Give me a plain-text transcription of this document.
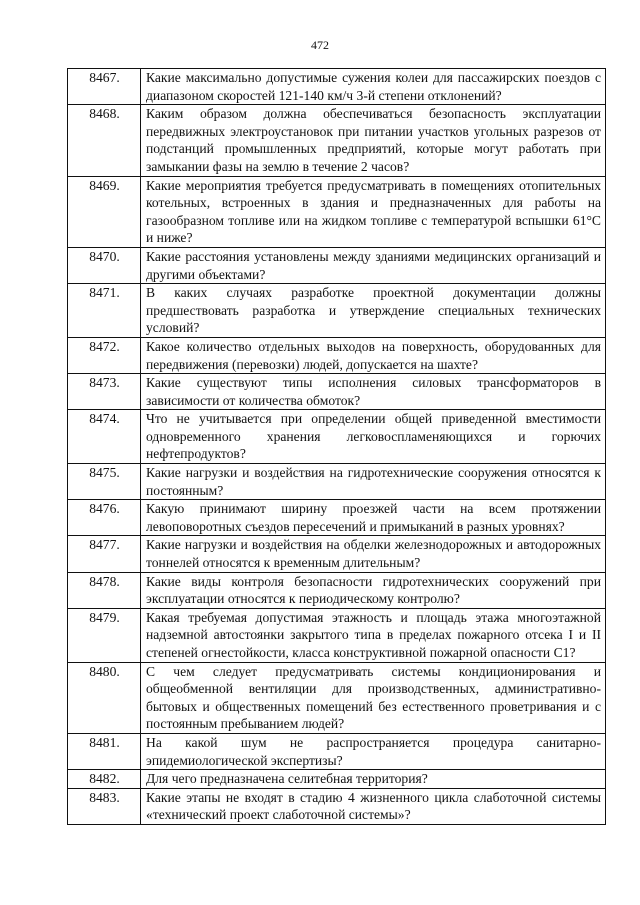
472
8467.	Какие максимально допустимые сужения колеи для пассажирских поездов с диапазоном скоростей 121-140 км/ч 3-й степени отклонений?
8468.	Каким образом должна обеспечиваться безопасность эксплуатации передвижных электроустановок при питании участков угольных разрезов от подстанций промышленных предприятий, которые могут работать при замыкании фазы на землю в течение 2 часов?
8469.	Какие мероприятия требуется предусматривать в помещениях отопительных котельных, встроенных в здания и предназначенных для работы на газообразном топливе или на жидком топливе с температурой вспышки 61°С и ниже?
8470.	Какие расстояния установлены между зданиями медицинских организаций и другими объектами?
8471.	В каких случаях разработке проектной документации должны предшествовать разработка и утверждение специальных технических условий?
8472.	Какое количество отдельных выходов на поверхность, оборудованных для передвижения (перевозки) людей, допускается на шахте?
8473.	Какие существуют типы исполнения силовых трансформаторов в зависимости от количества обмоток?
8474.	Что не учитывается при определении общей приведенной вместимости одновременного хранения легковоспламеняющихся и горючих нефтепродуктов?
8475.	Какие нагрузки и воздействия на гидротехнические сооружения относятся к постоянным?
8476.	Какую принимают ширину проезжей части на всем протяжении левоповоротных съездов пересечений и примыканий в разных уровнях?
8477.	Какие нагрузки и воздействия на обделки железнодорожных и автодорожных тоннелей относятся к временным длительным?
8478.	Какие виды контроля безопасности гидротехнических сооружений при эксплуатации относятся к периодическому контролю?
8479.	Какая требуемая допустимая этажность и площадь этажа многоэтажной надземной автостоянки закрытого типа в пределах пожарного отсека I и II степеней огнестойкости, класса конструктивной пожарной опасности С1?
8480.	С чем следует предусматривать системы кондиционирования и общеобменной вентиляции для производственных, административно-бытовых и общественных помещений без естественного проветривания и с постоянным пребыванием людей?
8481.	На какой шум не распространяется процедура санитарно-эпидемиологической экспертизы?
8482.	Для чего предназначена селитебная территория?
8483.	Какие этапы не входят в стадию 4 жизненного цикла слаботочной системы «технический проект слаботочной системы»?
